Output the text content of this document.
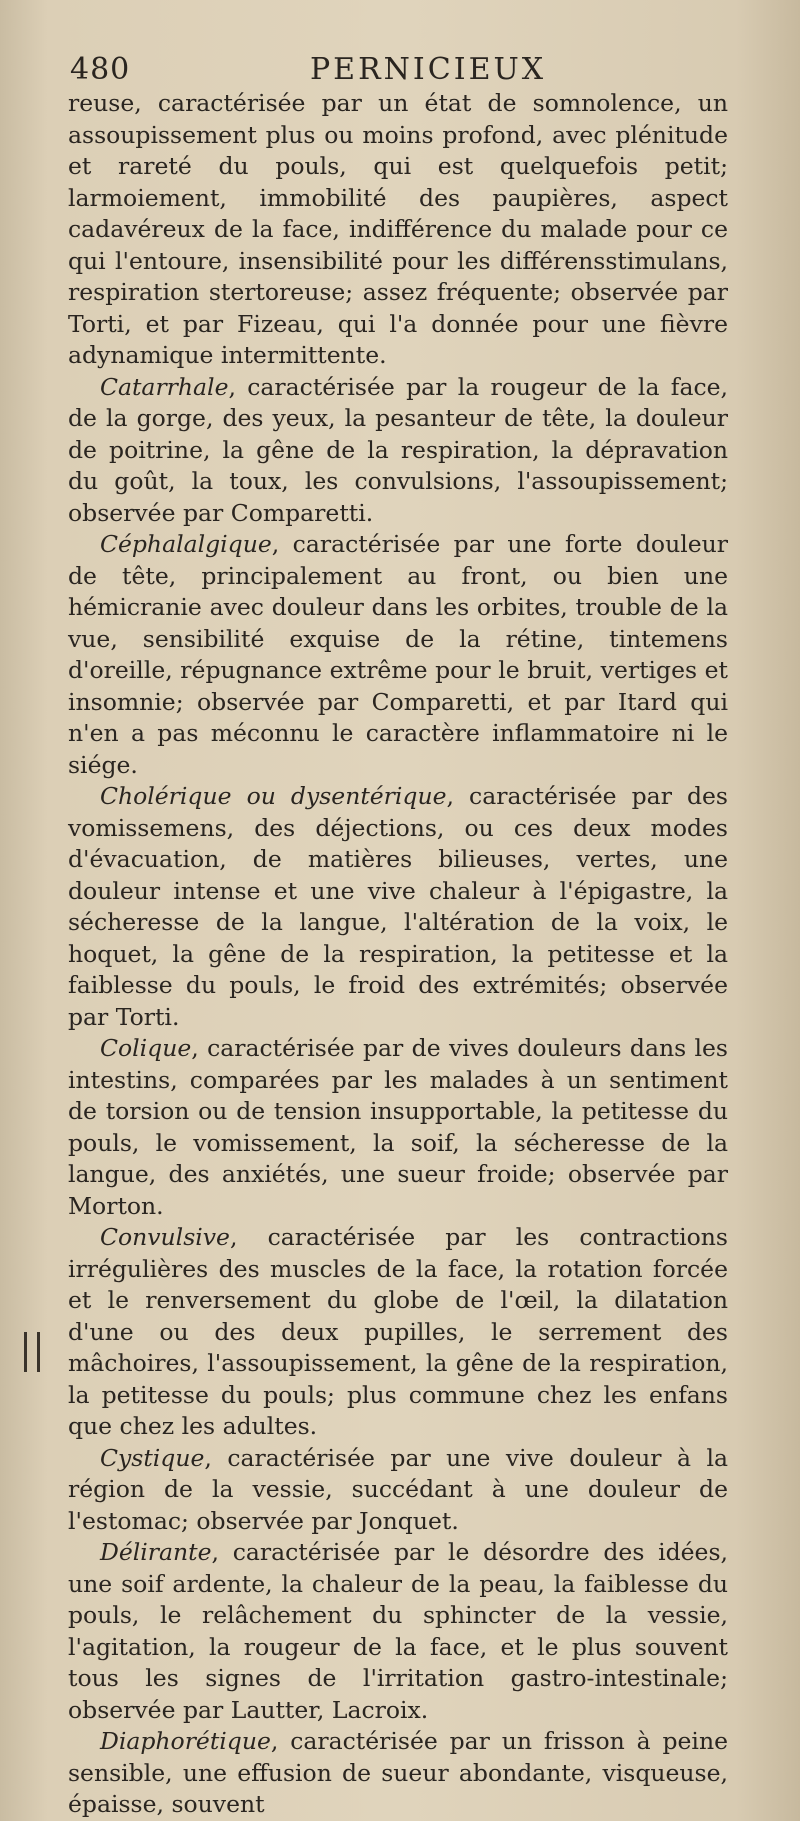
480	PERNICIEUX

reuse, caractérisée par un état de somnolence, un assoupissement plus ou moins profond, avec plénitude et rareté du pouls, qui est quelquefois petit; larmoiement, immobilité des paupières, aspect cadavéreux de la face, indifférence du malade pour ce qui l'entoure, insensibilité pour les différensstimulans, respiration stertoreuse; assez fréquente; observée par Torti, et par Fizeau, qui l'a donnée pour une fièvre adynamique intermittente.

Catarrhale, caractérisée par la rougeur de la face, de la gorge, des yeux, la pesanteur de tête, la douleur de poitrine, la gêne de la respiration, la dépravation du goût, la toux, les convulsions, l'assoupissement; observée par Comparetti.

Céphalalgique, caractérisée par une forte douleur de tête, principalement au front, ou bien une hémicranie avec douleur dans les orbites, trouble de la vue, sensibilité exquise de la rétine, tintemens d'oreille, répugnance extrême pour le bruit, vertiges et insomnie; observée par Comparetti, et par Itard qui n'en a pas méconnu le caractère inflammatoire ni le siége.

Cholérique ou dysentérique, caractérisée par des vomissemens, des déjections, ou ces deux modes d'évacuation, de matières bilieuses, vertes, une douleur intense et une vive chaleur à l'épigastre, la sécheresse de la langue, l'altération de la voix, le hoquet, la gêne de la respiration, la petitesse et la faiblesse du pouls, le froid des extrémités; observée par Torti.

Colique, caractérisée par de vives douleurs dans les intestins, comparées par les malades à un sentiment de torsion ou de tension insupportable, la petitesse du pouls, le vomissement, la soif, la sécheresse de la langue, des anxiétés, une sueur froide; observée par Morton.

Convulsive, caractérisée par les contractions irrégulières des muscles de la face, la rotation forcée et le renversement du globe de l'œil, la dilatation d'une ou des deux pupilles, le serrement des mâchoires, l'assoupissement, la gêne de la respiration, la petitesse du pouls; plus commune chez les enfans que chez les adultes.

Cystique, caractérisée par une vive douleur à la région de la vessie, succédant à une douleur de l'estomac; observée par Jonquet.

Délirante, caractérisée par le désordre des idées, une soif ardente, la chaleur de la peau, la faiblesse du pouls, le relâchement du sphincter de la vessie, l'agitation, la rougeur de la face, et le plus souvent tous les signes de l'irritation gastro-intestinale; observée par Lautter, Lacroix.

Diaphorétique, caractérisée par un frisson à peine sensible, une effusion de sueur abondante, visqueuse, épaisse, souvent
